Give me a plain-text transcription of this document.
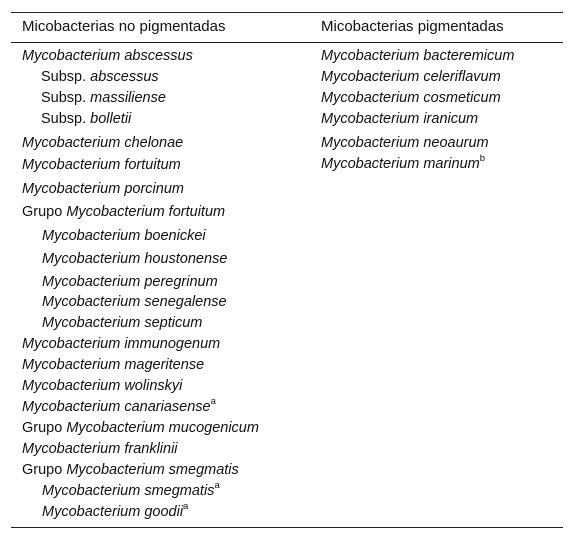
Micobacterias no pigmentadas	Micobacterias pigmentadas
Mycobacterium abscessus
Subsp. abscessus
Subsp. massiliense
Subsp. bolletii
Mycobacterium chelonae
Mycobacterium fortuitum
Mycobacterium porcinum
Grupo Mycobacterium fortuitum
Mycobacterium boenickei
Mycobacterium houstonense
Mycobacterium peregrinum
Mycobacterium senegalense
Mycobacterium septicum
Mycobacterium immunogenum
Mycobacterium mageritense
Mycobacterium wolinskyi
Mycobacterium canariasense$^a$
Grupo Mycobacterium mucogenicum
Mycobacterium franklinii
Grupo Mycobacterium smegmatis
Mycobacterium smegmatis$^a$
Mycobacterium goodii$^a$
Mycobacterium bacteremicum
Mycobacterium celeriflavum
Mycobacterium cosmeticum
Mycobacterium iranicum
Mycobacterium neoaurum
Mycobacterium marinum$^b$
